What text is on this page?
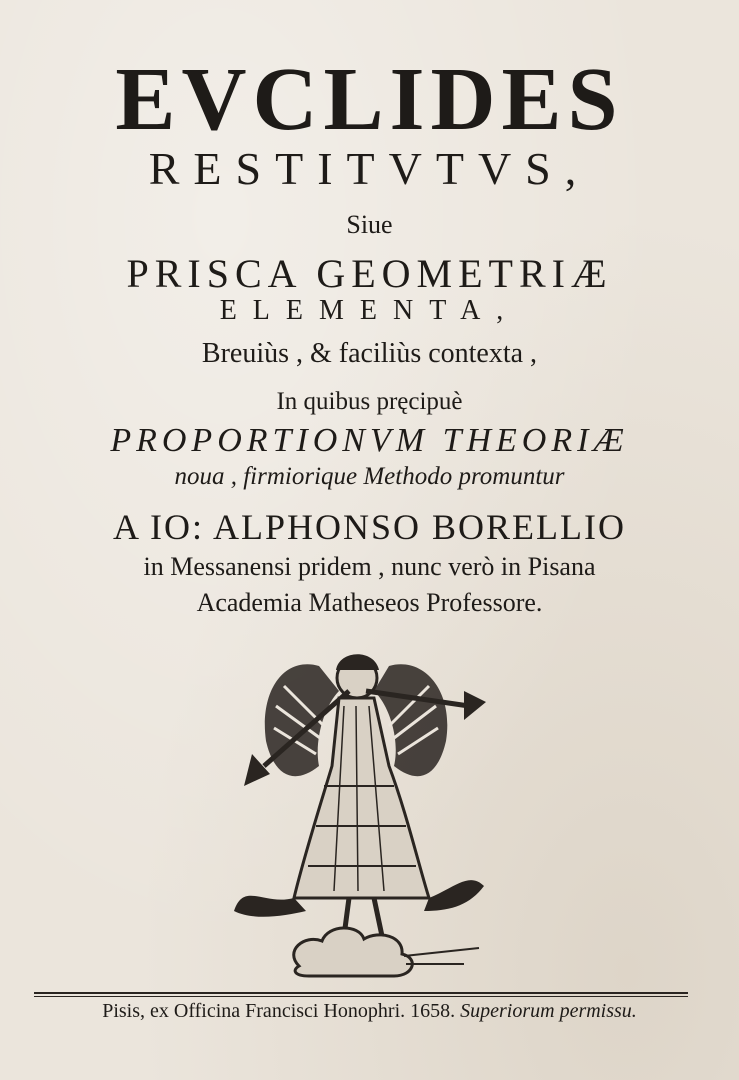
EVCLIDES
RESTITVTVS,
Siue
PRISCA GEOMETRIÆ
ELEMENTA,
Breuiùs , & faciliùs contexta ,
In quibus pręcipuè
PROPORTIONVM THEORIÆ
noua , firmiorique Methodo promuntur
A IO: ALPHONSO BORELLIO
in Messanensi pridem , nunc verò in Pisana
Academia Matheseos Professore.
Pisis, ex Officina Francisci Honophri. 1658. Superiorum permissu.
